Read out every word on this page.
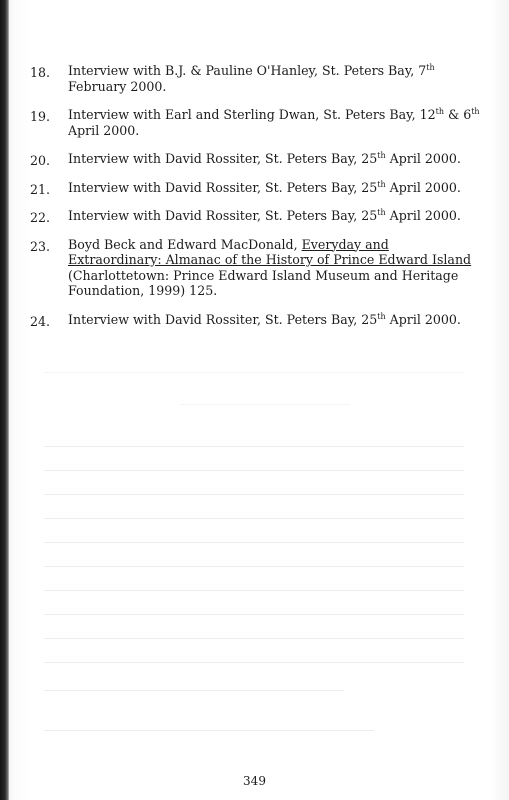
18. Interview with B.J. & Pauline O'Hanley, St. Peters Bay, 7th February 2000.
19. Interview with Earl and Sterling Dwan, St. Peters Bay, 12th & 6th April 2000.
20. Interview with David Rossiter, St. Peters Bay, 25th April 2000.
21. Interview with David Rossiter, St. Peters Bay, 25th April 2000.
22. Interview with David Rossiter, St. Peters Bay, 25th April 2000.
23. Boyd Beck and Edward MacDonald, Everyday and Extraordinary: Almanac of the History of Prince Edward Island (Charlottetown: Prince Edward Island Museum and Heritage Foundation, 1999) 125.
24. Interview with David Rossiter, St. Peters Bay, 25th April 2000.
349
